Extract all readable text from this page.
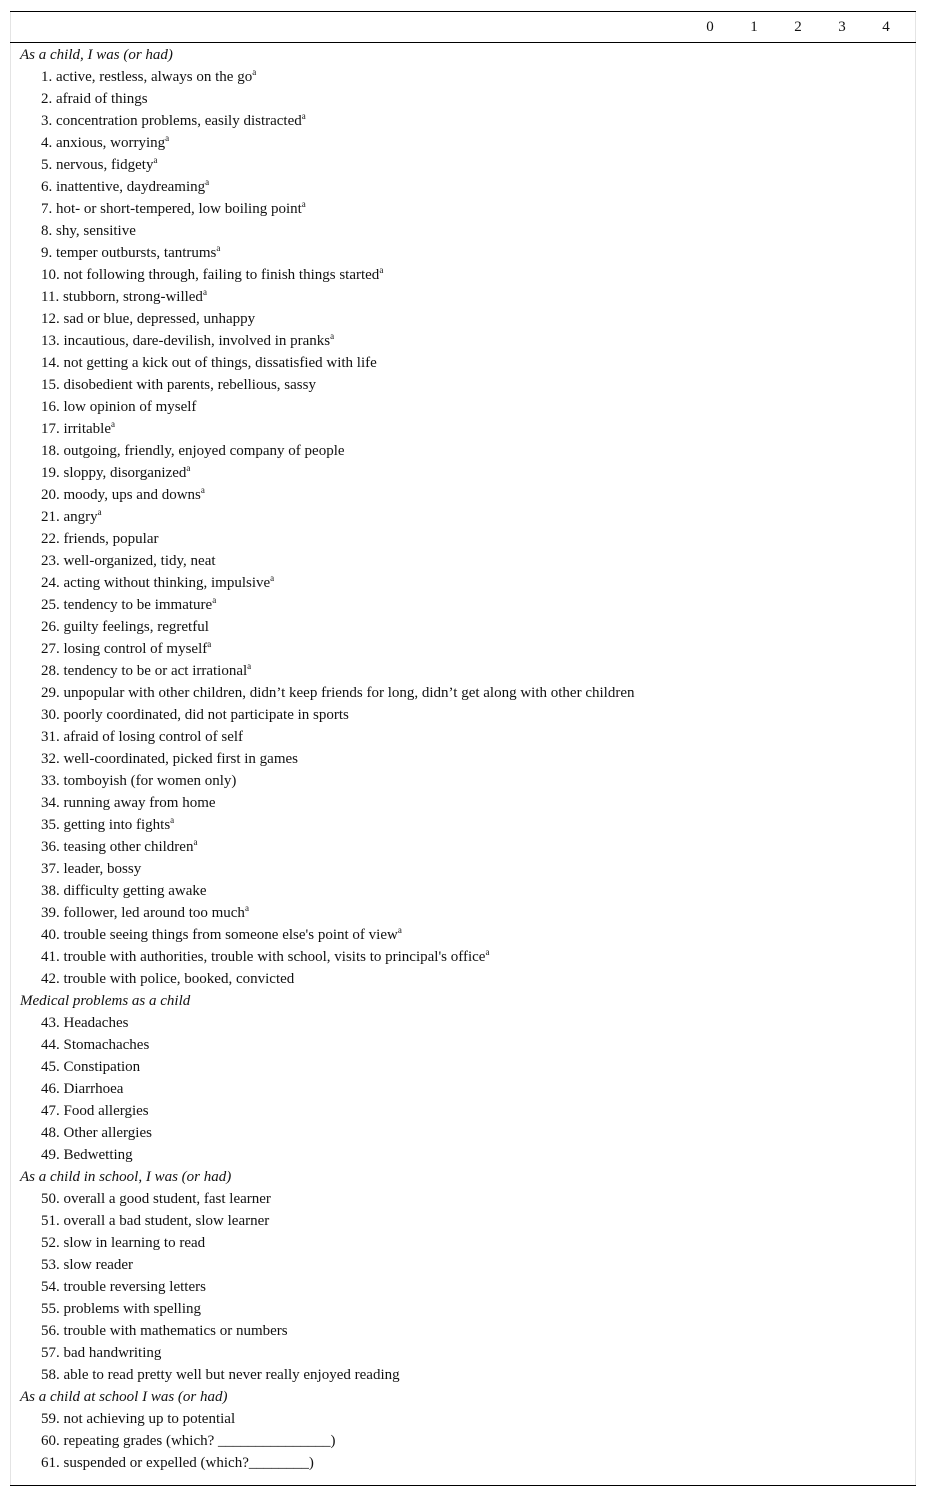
0	1	2	3	4
As a child, I was (or had)
1. active, restless, always on the $go^a$
2. afraid of things
3. concentration problems, easily distracted$^a$
4. anxious, worrying$^a$
5. nervous, fidgety$^a$
6. inattentive, daydreaming$^a$
7. hot- or short-tempered, low boiling point$^a$
8. shy, sensitive
9. temper outbursts, tantrums$^a$
10. not following through, failing to finish things started$^a$
11. stubborn, strong-willed$^a$
12. sad or blue, depressed, unhappy
13. incautious, dare-devilish, involved in pranks$^a$
14. not getting a kick out of things, dissatisfied with life
15. disobedient with parents, rebellious, sassy
16. low opinion of myself
17. irritable$^a$
18. outgoing, friendly, enjoyed company of people
19. sloppy, disorganized$^a$
20. moody, ups and downs$^a$
21. angry$^a$
22. friends, popular
23. well-organized, tidy, neat
24. acting without thinking, impulsive$^a$
25. tendency to be immature$^a$
26. guilty feelings, regretful
27. losing control of myself$^a$
28. tendency to be or act irrational$^a$
29. unpopular with other children, didn’t keep friends for long, didn’t get along with other children
30. poorly coordinated, did not participate in sports
31. afraid of losing control of self
32. well-coordinated, picked first in games
33. tomboyish (for women only)
34. running away from home
35. getting into fights$^a$
36. teasing other children$^a$
37. leader, bossy
38. difficulty getting awake
39. follower, led around too much$^a$
40. trouble seeing things from someone else's point of view$^a$
41. trouble with authorities, trouble with school, visits to principal's office$^a$
42. trouble with police, booked, convicted
Medical problems as a child
43. Headaches
44. Stomachaches
45. Constipation
46. Diarrhoea
47. Food allergies
48. Other allergies
49. Bedwetting
As a child in school, I was (or had)
50. overall a good student, fast learner
51. overall a bad student, slow learner
52. slow in learning to read
53. slow reader
54. trouble reversing letters
55. problems with spelling
56. trouble with mathematics or numbers
57. bad handwriting
58. able to read pretty well but never really enjoyed reading
As a child at school I was (or had)
59. not achieving up to potential
60. repeating grades (which? _______________)
61. suspended or expelled (which?________)
